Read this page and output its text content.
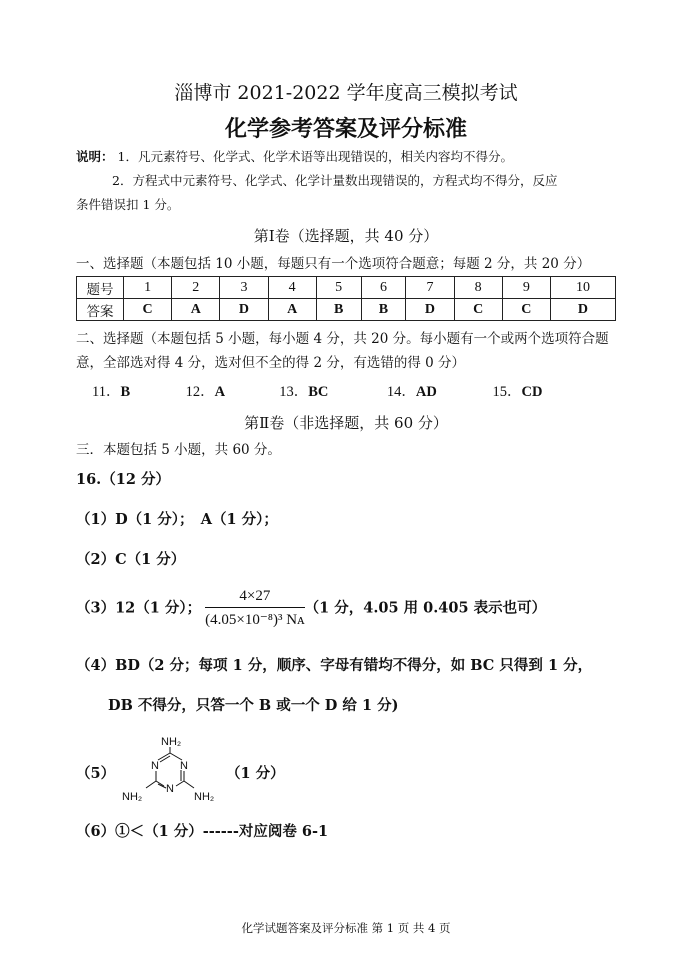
淄博市 2021-2022 学年度高三模拟考试
化学参考答案及评分标准
说明： 1．凡元素符号、化学式、化学术语等出现错误的，相关内容均不得分。
2．方程式中元素符号、化学式、化学计量数出现错误的，方程式均不得分，反应
条件错误扣 1 分。
第Ⅰ卷（选择题，共 40 分）
一、选择题（本题包括 10 小题，每题只有一个选项符合题意；每题 2 分，共 20 分）
题号	1	2	3	4	5	6	7	8	9	10
答案	C	A	D	A	B	B	D	C	C	D
二、选择题（本题包括 5 小题，每小题 4 分，共 20 分。每小题有一个或两个选项符合题
意，全部选对得 4 分，选对但不全的得 2 分，有选错的得 0 分）
11．B	12．A	13．BC	14．AD	15．CD
第Ⅱ卷（非选择题，共 60 分）
三．本题包括 5 小题，共 60 分。
16.（12 分）
（1）D（1 分）；　A（1 分）；
（2）C（1 分）
（3）12（1 分）； $\frac{4\times 27}{\text{(4.05×10⁻⁸)³ Nᴀ}} (1$ 分，4.05 用 0.405 表示也可）
（4）BD（2 分；每项 1 分，顺序、字母有错均不得分，如 BC 只得到 1 分，
DB 不得分，只答一个 B 或一个 D 给 1 分)
（5）
NH₂
N
N
N
NH₂	NH₂
（1 分）
（6）①＜（1 分）------对应阅卷 6-1
化学试题答案及评分标准 第 1 页 共 4 页
